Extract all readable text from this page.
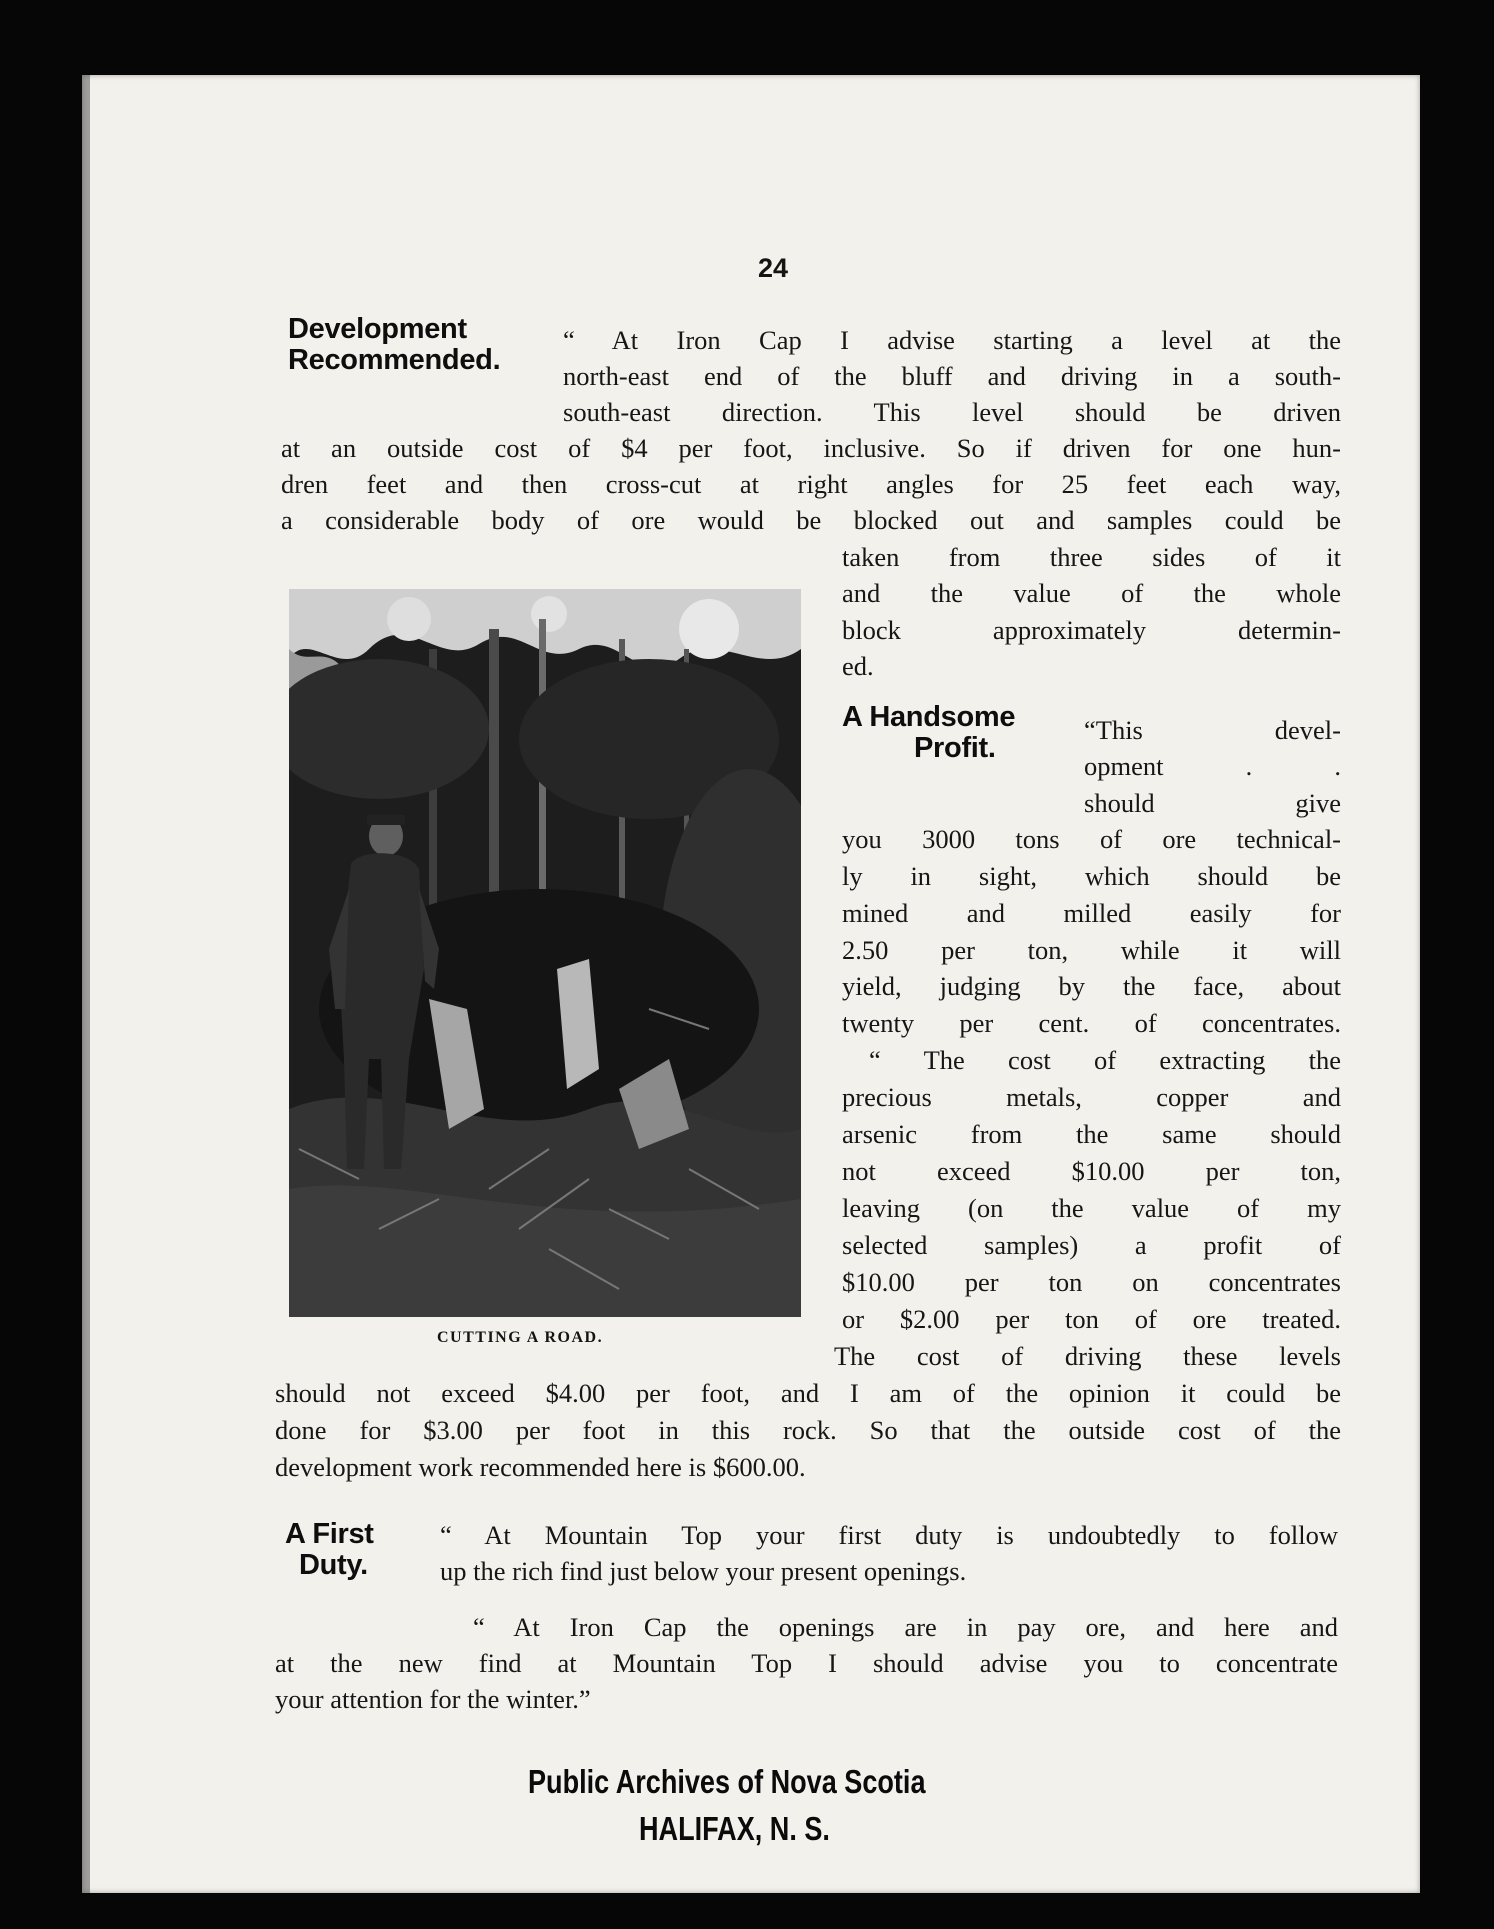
24
Development
Recommended.
“ At Iron Cap I advise starting a level at the
north-east end of the bluff and driving in a south-
south-east direction. This level should be driven
at an outside cost of $4 per foot, inclusive. So if driven for one hun-
dren feet and then cross-cut at right angles for 25 feet each way,
a considerable body of ore would be blocked out and samples could be
taken from three sides of it
and the value of the whole
block approximately determin-
ed.
CUTTING A ROAD.
A Handsome
Profit.
“This devel-
opment . .
should give
you 3000 tons of ore technical-
ly in sight, which should be
mined and milled easily for
2.50 per ton, while it will
yield, judging by the face, about
twenty per cent. of concentrates.
“ The cost of extracting the
precious metals, copper and
arsenic from the same should
not exceed $10.00 per ton,
leaving (on the value of my
selected samples) a profit of
$10.00 per ton on concentrates
or $2.00 per ton of ore treated.
The cost of driving these levels
should not exceed $4.00 per foot, and I am of the opinion it could be
done for $3.00 per foot in this rock. So that the outside cost of the
development work recommended here is $600.00.
A First
Duty.
“ At Mountain Top your first duty is undoubtedly to follow
up the rich find just below your present openings.
“ At Iron Cap the openings are in pay ore, and here and
at the new find at Mountain Top I should advise you to concentrate
your attention for the winter.”
Public Archives of Nova Scotia
HALIFAX, N. S.
